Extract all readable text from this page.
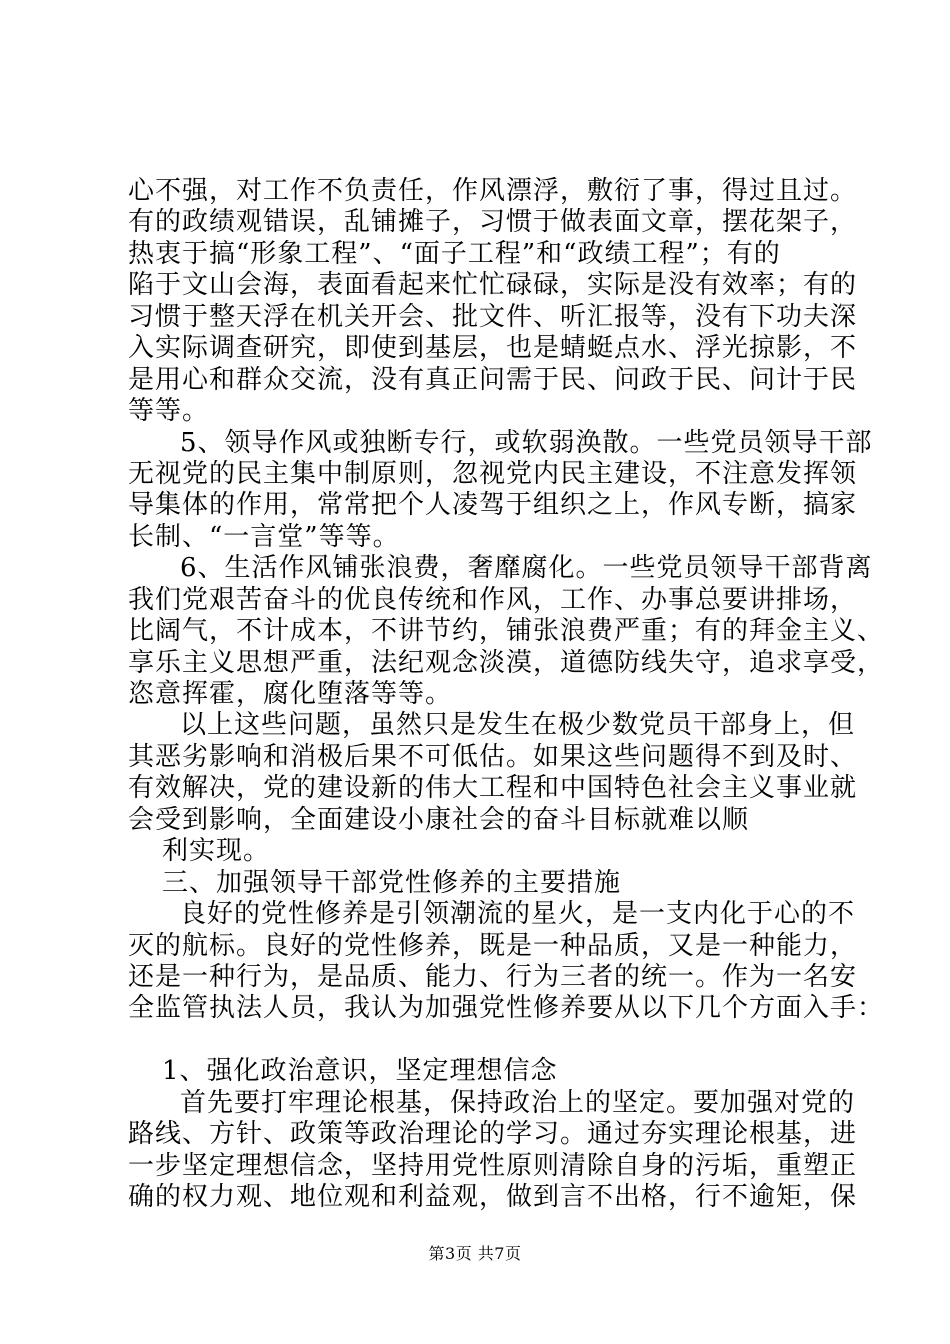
心不强，对工作不负责任，作风漂浮，敷衍了事，得过且过。
有的政绩观错误，乱铺摊子，习惯于做表面文章，摆花架子，
热衷于搞“形象工程”、“面子工程”和“政绩工程”；有的
陷于文山会海，表面看起来忙忙碌碌，实际是没有效率；有的
习惯于整天浮在机关开会、批文件、听汇报等，没有下功夫深
入实际调查研究，即使到基层，也是蜻蜓点水、浮光掠影，不
是用心和群众交流，没有真正问需于民、问政于民、问计于民
等等。
5、领导作风或独断专行，或软弱涣散。一些党员领导干部
无视党的民主集中制原则，忽视党内民主建设，不注意发挥领
导集体的作用，常常把个人凌驾于组织之上，作风专断，搞家
长制、“一言堂”等等。
6、生活作风铺张浪费，奢靡腐化。一些党员领导干部背离
我们党艰苦奋斗的优良传统和作风，工作、办事总要讲排场，
比阔气，不计成本，不讲节约，铺张浪费严重；有的拜金主义、
享乐主义思想严重，法纪观念淡漠，道德防线失守，追求享受，
恣意挥霍，腐化堕落等等。
以上这些问题，虽然只是发生在极少数党员干部身上，但
其恶劣影响和消极后果不可低估。如果这些问题得不到及时、
有效解决，党的建设新的伟大工程和中国特色社会主义事业就
会受到影响，全面建设小康社会的奋斗目标就难以顺
利实现。
三、加强领导干部党性修养的主要措施
良好的党性修养是引领潮流的星火，是一支内化于心的不
灭的航标。良好的党性修养，既是一种品质，又是一种能力，
还是一种行为，是品质、能力、行为三者的统一。作为一名安
全监管执法人员，我认为加强党性修养要从以下几个方面入手：
1、强化政治意识，坚定理想信念
首先要打牢理论根基，保持政治上的坚定。要加强对党的
路线、方针、政策等政治理论的学习。通过夯实理论根基，进
一步坚定理想信念，坚持用党性原则清除自身的污垢，重塑正
确的权力观、地位观和利益观，做到言不出格，行不逾矩，保
第3页 共7页
